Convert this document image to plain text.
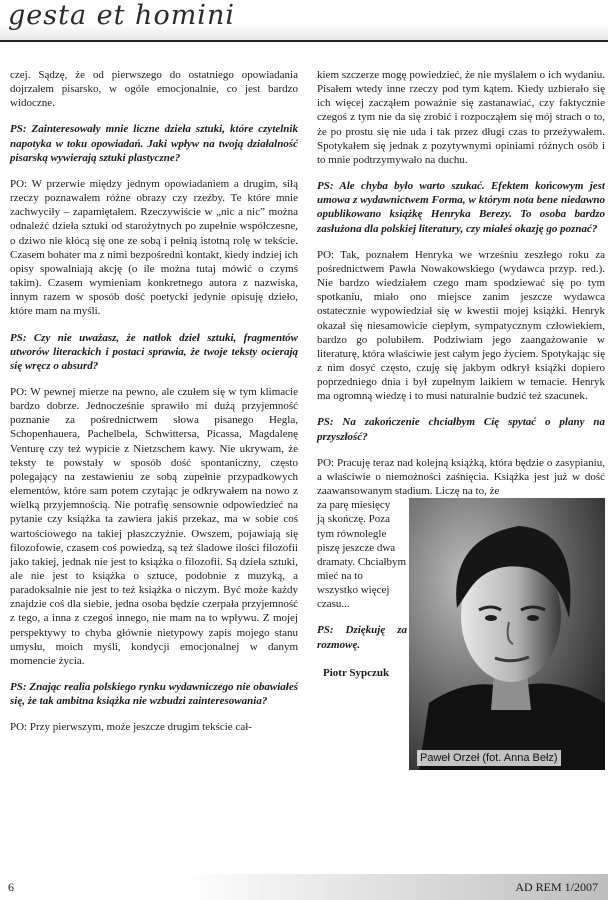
gesta et homini

czej. Sądzę, że od pierwszego do ostatniego opowiadania dojrzałem pisarsko, w ogóle emocjonalnie, co jest bardzo widoczne.

PS: Zainteresowały mnie liczne dzieła sztuki, które czytelnik napotyka w toku opowiadań. Jaki wpływ na twoją działalność pisarską wywierają sztuki plastyczne?

PO: W przerwie między jednym opowiadaniem a drugim, siłą rzeczy poznawałem różne obrazy czy rzeźby. Te które mnie zachwyciły – zapamiętałem. Rzeczywiście w „nic a nic” można odnaleźć dzieła sztuki od starożytnych po zupełnie współczesne, o dziwo nie kłócą się one ze sobą i pełnią istotną rolę w tekście. Czasem bohater ma z nimi bezpośredni kontakt, kiedy indziej ich opisy spowalniają akcję (o ile można tutaj mówić o czymś takim). Czasem wymieniam konkretnego autora z nazwiska, innym razem w sposób dość poetycki jedynie opisuję dzieło, które mam na myśli.

PS: Czy nie uważasz, że natłok dzieł sztuki, fragmentów utworów literackich i postaci sprawia, że twoje teksty ocierają się wręcz o absurd?

PO: W pewnej mierze na pewno, ale czułem się w tym klimacie bardzo dobrze. Jednocześnie sprawiło mi dużą przyjemność poznanie za pośrednictwem słowa pisanego Hegla, Schopenhauera, Pachelbela, Schwittersa, Picassa, Magdalenę Venturę czy też wypicie z Nietzschem kawy. Nie ukrywam, że teksty te powstały w sposób dość spontaniczny, często polegający na zestawieniu ze sobą zupełnie przypadkowych elementów, które sam potem czytając je odkrywałem na nowo z wielką przyjemnością. Nie potrafię sensownie odpowiedzieć na pytanie czy książka ta zawiera jakiś przekaz, ma w sobie coś wartościowego na takiej płaszczyźnie. Owszem, pojawiają się filozofowie, czasem coś powiedzą, są też śladowe ilości filozofii jako takiej, jednak nie jest to książka o filozofii. Są dzieła sztuki, ale nie jest to książka o sztuce, podobnie z muzyką, a paradoksalnie nie jest to też książka o niczym. Być może każdy znajdzie coś dla siebie, jedna osoba będzie czerpała przyjemność z tego, a inna z czegoś innego, nie mam na to wpływu. Z mojej perspektywy to chyba głównie nietypowy zapis mojego stanu umysłu, moich myśli, kondycji emocjonalnej w danym momencie życia.

PS: Znając realia polskiego rynku wydawniczego nie obawiałeś się, że tak ambitna książka nie wzbudzi zainteresowania?

PO: Przy pierwszym, może jeszcze drugim tekście cał-

kiem szczerze mogę powiedzieć, że nie myślałem o ich wydaniu. Pisałem wtedy inne rzeczy pod tym kątem. Kiedy uzbierało się ich więcej zacząłem poważnie się zastanawiać, czy faktycznie czegoś z tym nie da się zrobić i rozpocząłem się mój strach o to, że po prostu się nie uda i tak przez długi czas to przeżywałem. Spotykałem się jednak z pozytywnymi opiniami różnych osób i to mnie podtrzymywało na duchu.

PS: Ale chyba było warto szukać. Efektem końcowym jest umowa z wydawnictwem Forma, w którym nota bene niedawno opublikowano książkę Henryka Berezy. To osoba bardzo zasłużona dla polskiej literatury, czy miałeś okazję go poznać?

PO: Tak, poznałem Henryka we wrześniu zeszłego roku za pośrednictwem Pawła Nowakowskiego (wydawca przyp. red.). Nie bardzo wiedziałem czego mam spodziewać się po tym spotkaniu, miało ono miejsce zanim jeszcze wydawca ostatecznie wypowiedział się w kwestii mojej książki. Henryk okazał się niesamowicie ciepłym, sympatycznym człowiekiem, bardzo go polubiłem. Podziwiam jego zaangażowanie w literaturę, która właściwie jest całym jego życiem. Spotykając się z nim dosyć często, czuję się jakbym odkrył książki dopiero poprzedniego dnia i był zupełnym laikiem w temacie. Henryk ma ogromną wiedzę i to musi naturalnie budzić też szacunek.

PS: Na zakończenie chciałbym Cię spytać o plany na przyszłość?

PO: Pracuję teraz nad kolejną książką, która będzie o zasypianiu, a właściwie o niemożności zaśnięcia. Książka jest już w dość zaawansowanym stadium. Liczę na to, że

Paweł Orzeł (fot. Anna Bełz)
za parę miesięcy
ją skończę. Poza
tym równolegle
piszę jeszcze dwa
dramaty. Chciałbym
mieć na to
wszystko więcej
czasu...

PS: Dziękuję za rozmowę.

Piotr Sypczuk
6	AD REM 1/2007
